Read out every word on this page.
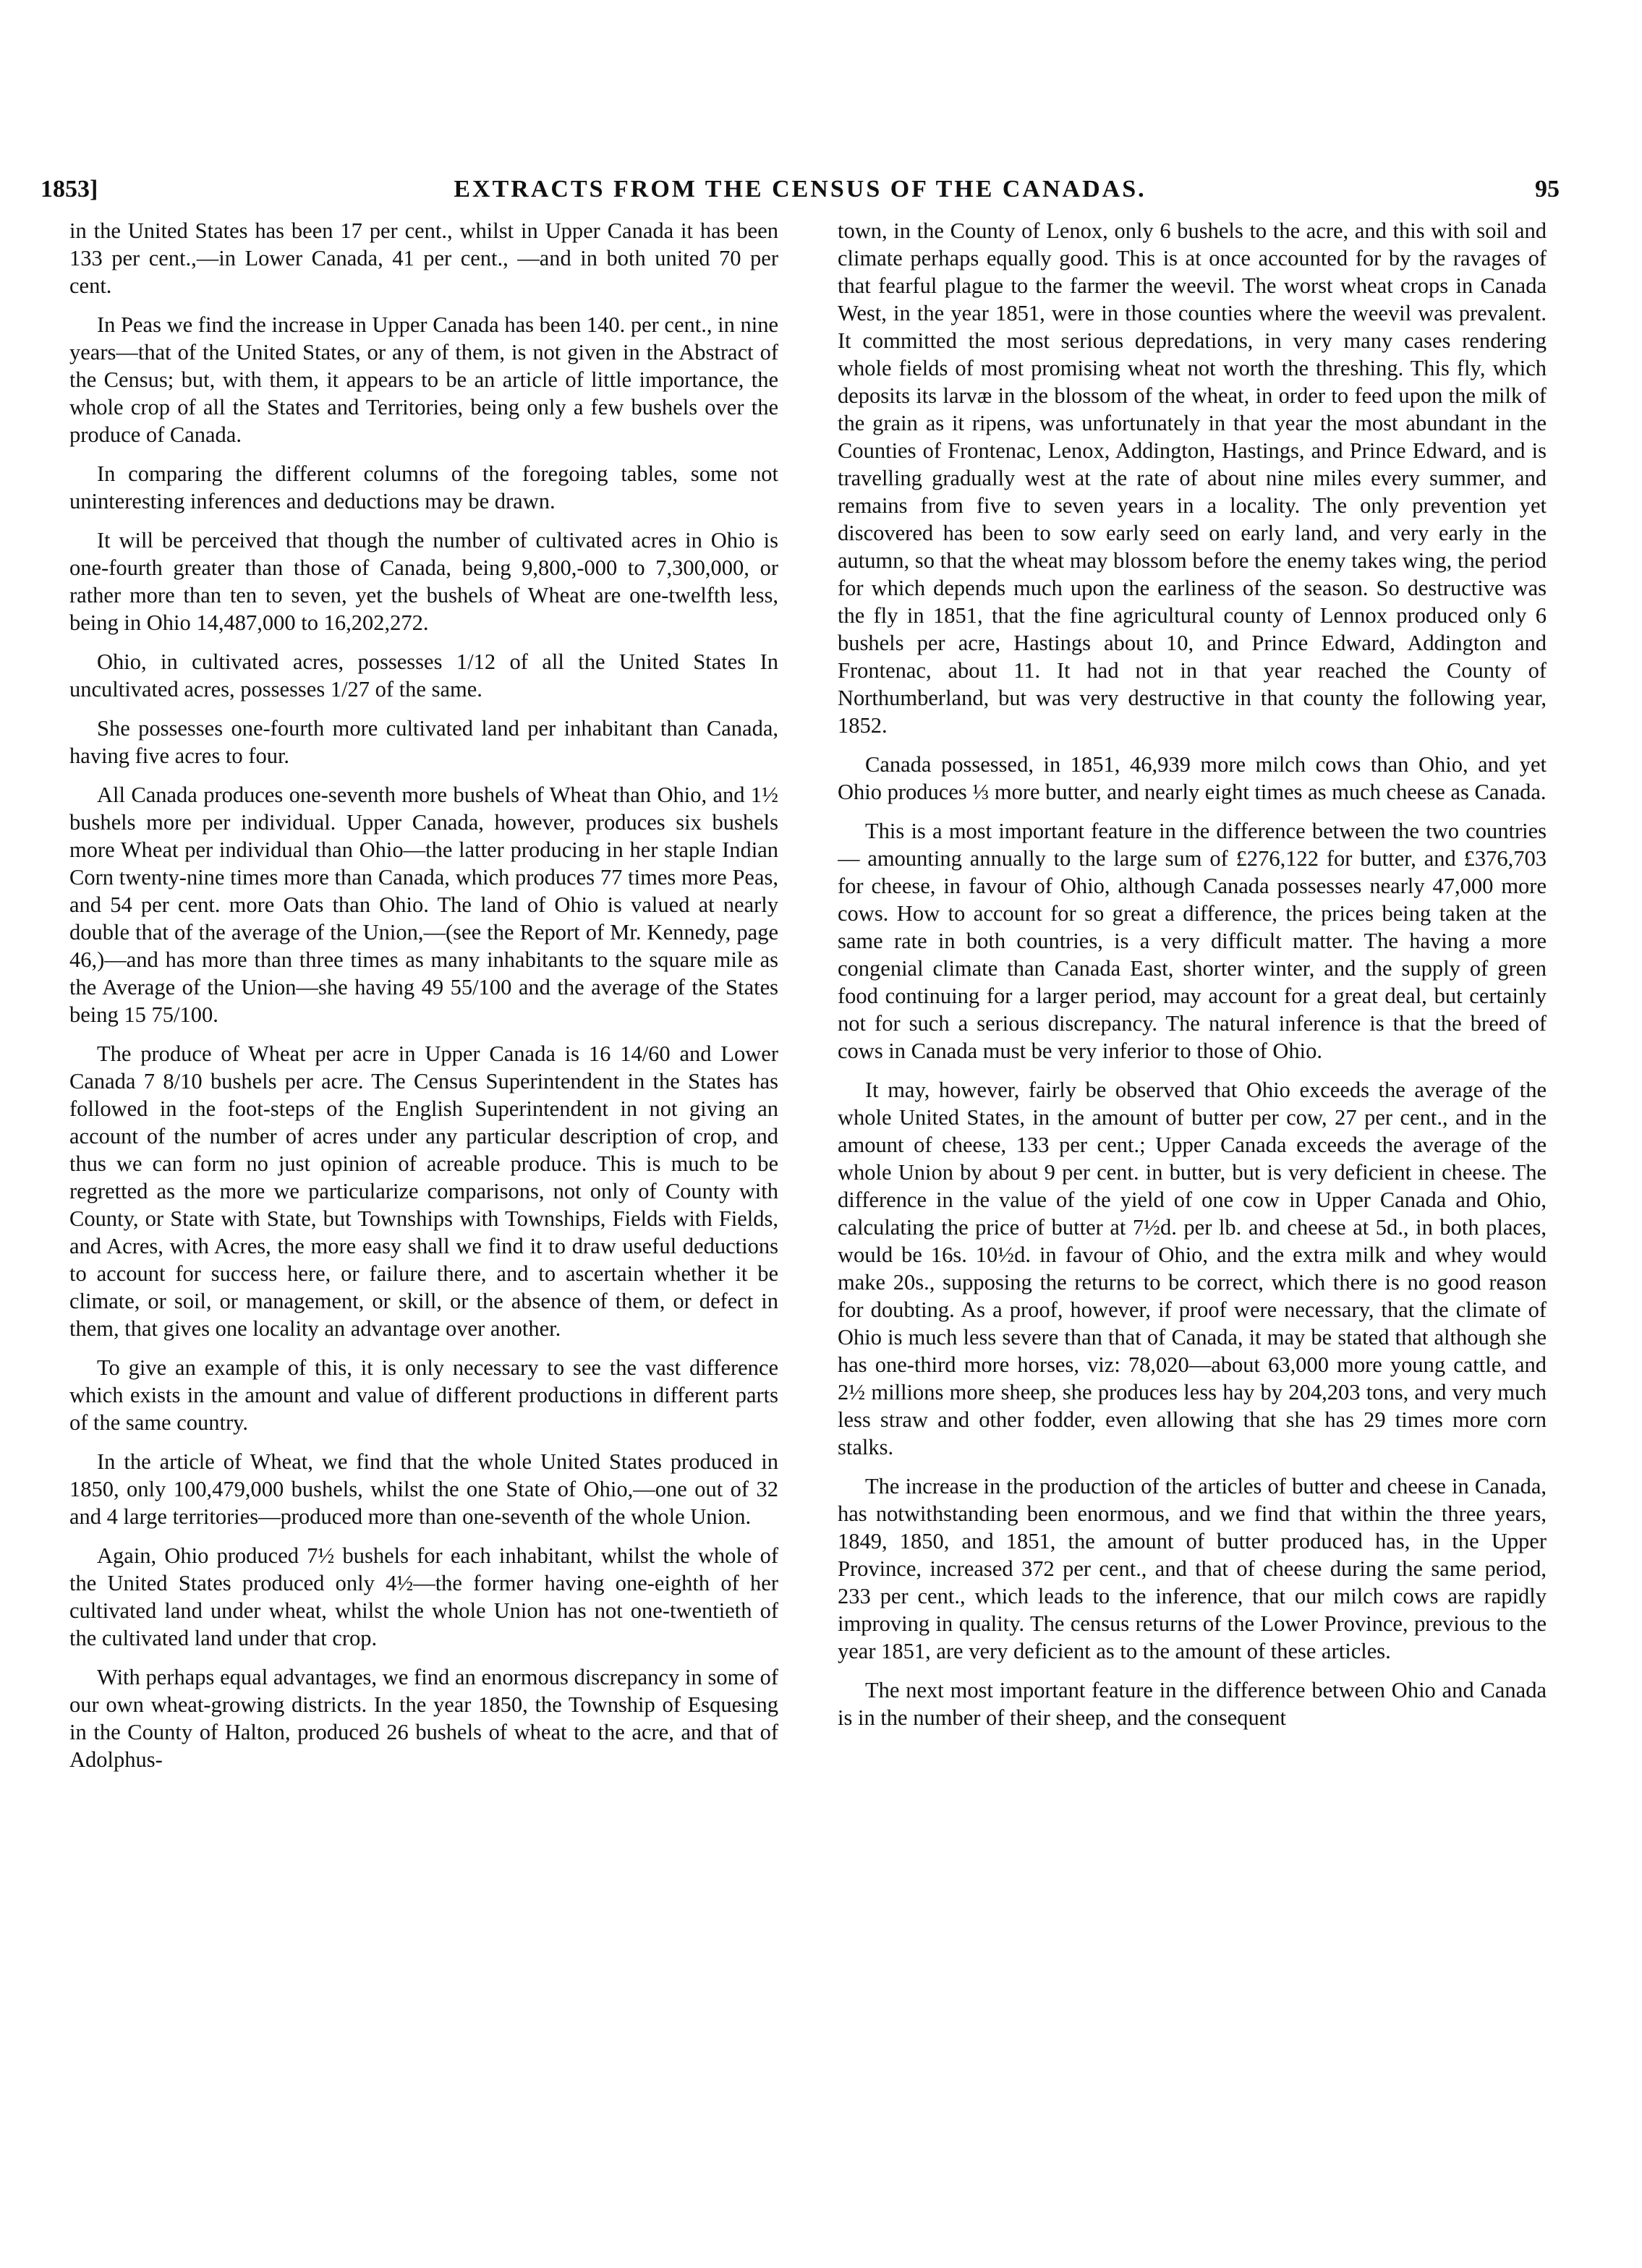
1853]	EXTRACTS FROM THE CENSUS OF THE CANADAS.	95

in the United States has been 17 per cent., whilst in Upper Canada it has been 133 per cent.,—in Lower Canada, 41 per cent., —and in both united 70 per cent.

In Peas we find the increase in Upper Canada has been 140. per cent., in nine years—that of the United States, or any of them, is not given in the Abstract of the Census; but, with them, it appears to be an article of little importance, the whole crop of all the States and Territories, being only a few bushels over the produce of Canada.

In comparing the different columns of the foregoing tables, some not uninteresting inferences and deductions may be drawn.

It will be perceived that though the number of cultivated acres in Ohio is one-fourth greater than those of Canada, being 9,800,-000 to 7,300,000, or rather more than ten to seven, yet the bushels of Wheat are one-twelfth less, being in Ohio 14,487,000 to 16,202,272.

Ohio, in cultivated acres, possesses 1/12 of all the United States In uncultivated acres, possesses 1/27 of the same.

She possesses one-fourth more cultivated land per inhabitant than Canada, having five acres to four.

All Canada produces one-seventh more bushels of Wheat than Ohio, and 1½ bushels more per individual. Upper Canada, however, produces six bushels more Wheat per individual than Ohio—the latter producing in her staple Indian Corn twenty-nine times more than Canada, which produces 77 times more Peas, and 54 per cent. more Oats than Ohio. The land of Ohio is valued at nearly double that of the average of the Union,—(see the Report of Mr. Kennedy, page 46,)—and has more than three times as many inhabitants to the square mile as the Average of the Union—she having 49 55/100 and the average of the States being 15 75/100.

The produce of Wheat per acre in Upper Canada is 16 14/60 and Lower Canada 7 8/10 bushels per acre. The Census Superintendent in the States has followed in the foot-steps of the English Superintendent in not giving an account of the number of acres under any particular description of crop, and thus we can form no just opinion of acreable produce. This is much to be regretted as the more we particularize comparisons, not only of County with County, or State with State, but Townships with Townships, Fields with Fields, and Acres, with Acres, the more easy shall we find it to draw useful deductions to account for success here, or failure there, and to ascertain whether it be climate, or soil, or management, or skill, or the absence of them, or defect in them, that gives one locality an advantage over another.

To give an example of this, it is only necessary to see the vast difference which exists in the amount and value of different productions in different parts of the same country.

In the article of Wheat, we find that the whole United States produced in 1850, only 100,479,000 bushels, whilst the one State of Ohio,—one out of 32 and 4 large territories—produced more than one-seventh of the whole Union.

Again, Ohio produced 7½ bushels for each inhabitant, whilst the whole of the United States produced only 4½—the former having one-eighth of her cultivated land under wheat, whilst the whole Union has not one-twentieth of the cultivated land under that crop.

With perhaps equal advantages, we find an enormous discrepancy in some of our own wheat-growing districts. In the year 1850, the Township of Esquesing in the County of Halton, produced 26 bushels of wheat to the acre, and that of Adolphus-

town, in the County of Lenox, only 6 bushels to the acre, and this with soil and climate perhaps equally good. This is at once accounted for by the ravages of that fearful plague to the farmer the weevil. The worst wheat crops in Canada West, in the year 1851, were in those counties where the weevil was prevalent. It committed the most serious depredations, in very many cases rendering whole fields of most promising wheat not worth the threshing. This fly, which deposits its larvæ in the blossom of the wheat, in order to feed upon the milk of the grain as it ripens, was unfortunately in that year the most abundant in the Counties of Frontenac, Lenox, Addington, Hastings, and Prince Edward, and is travelling gradually west at the rate of about nine miles every summer, and remains from five to seven years in a locality. The only prevention yet discovered has been to sow early seed on early land, and very early in the autumn, so that the wheat may blossom before the enemy takes wing, the period for which depends much upon the earliness of the season. So destructive was the fly in 1851, that the fine agricultural county of Lennox produced only 6 bushels per acre, Hastings about 10, and Prince Edward, Addington and Frontenac, about 11. It had not in that year reached the County of Northumberland, but was very destructive in that county the following year, 1852.

Canada possessed, in 1851, 46,939 more milch cows than Ohio, and yet Ohio produces ⅓ more butter, and nearly eight times as much cheese as Canada.

This is a most important feature in the difference between the two countries — amounting annually to the large sum of £276,122 for butter, and £376,703 for cheese, in favour of Ohio, although Canada possesses nearly 47,000 more cows. How to account for so great a difference, the prices being taken at the same rate in both countries, is a very difficult matter. The having a more congenial climate than Canada East, shorter winter, and the supply of green food continuing for a larger period, may account for a great deal, but certainly not for such a serious discrepancy. The natural inference is that the breed of cows in Canada must be very inferior to those of Ohio.

It may, however, fairly be observed that Ohio exceeds the average of the whole United States, in the amount of butter per cow, 27 per cent., and in the amount of cheese, 133 per cent.; Upper Canada exceeds the average of the whole Union by about 9 per cent. in butter, but is very deficient in cheese. The difference in the value of the yield of one cow in Upper Canada and Ohio, calculating the price of butter at 7½d. per lb. and cheese at 5d., in both places, would be 16s. 10½d. in favour of Ohio, and the extra milk and whey would make 20s., supposing the returns to be correct, which there is no good reason for doubting. As a proof, however, if proof were necessary, that the climate of Ohio is much less severe than that of Canada, it may be stated that although she has one-third more horses, viz: 78,020—about 63,000 more young cattle, and 2½ millions more sheep, she produces less hay by 204,203 tons, and very much less straw and other fodder, even allowing that she has 29 times more corn stalks.

The increase in the production of the articles of butter and cheese in Canada, has notwithstanding been enormous, and we find that within the three years, 1849, 1850, and 1851, the amount of butter produced has, in the Upper Province, increased 372 per cent., and that of cheese during the same period, 233 per cent., which leads to the inference, that our milch cows are rapidly improving in quality. The census returns of the Lower Province, previous to the year 1851, are very deficient as to the amount of these articles.

The next most important feature in the difference between Ohio and Canada is in the number of their sheep, and the consequent
